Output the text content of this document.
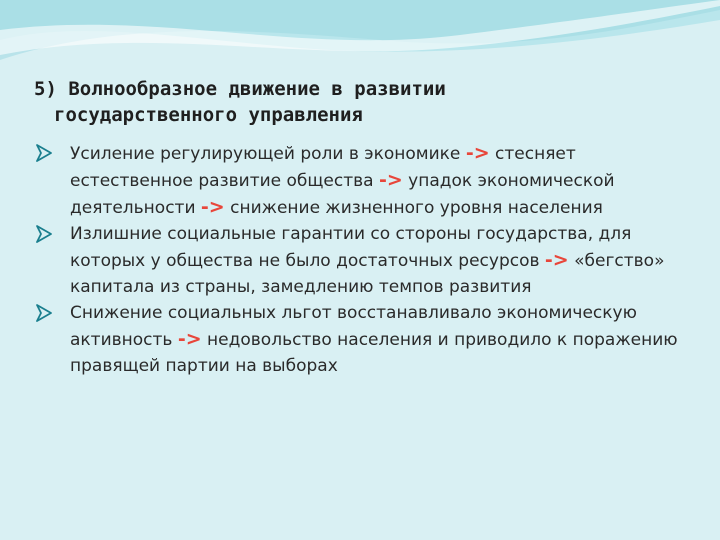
5) Волнообразное движение в развитии
государственного управления
Усиление регулирующей роли в экономике -> стесняет естественное развитие общества -> упадок экономической деятельности -> снижение жизненного уровня населения
Излишние социальные гарантии со стороны государства, для которых у общества не было достаточных ресурсов -> «бегство» капитала из страны, замедлению темпов развития
Снижение социальных льгот восстанавливало экономическую активность -> недовольство населения и приводило к поражению правящей партии на выборах
